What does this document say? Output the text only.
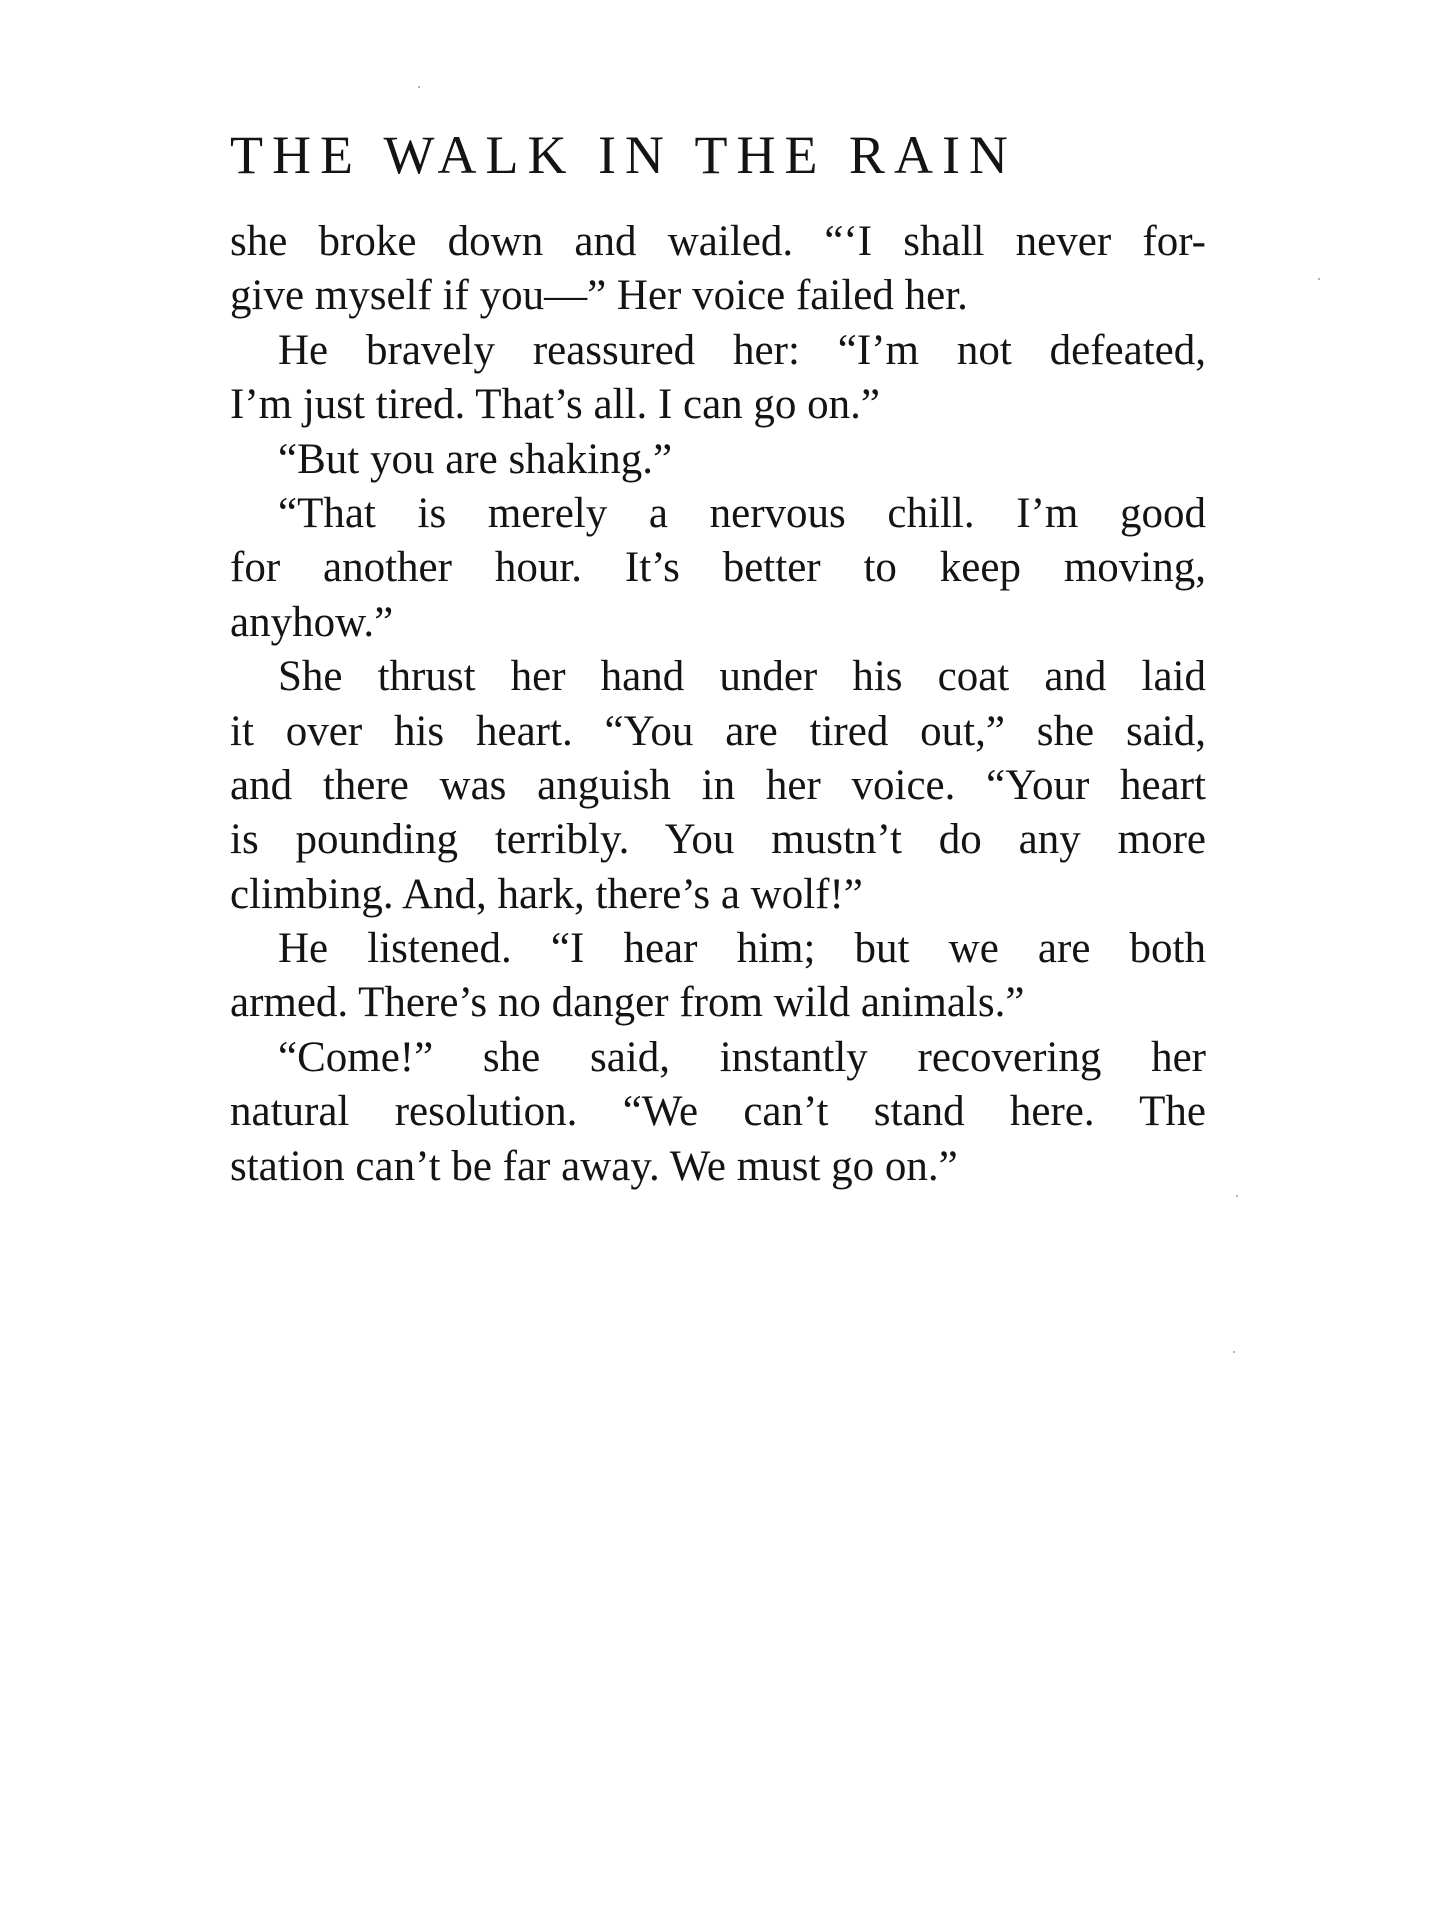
THE WALK IN THE RAIN
she broke down and wailed. “‘I shall never for-
give myself if you—” Her voice failed her.
He bravely reassured her: “I’m not defeated,
I’m just tired. That’s all. I can go on.”
“But you are shaking.”
“That is merely a nervous chill. I’m good
for another hour. It’s better to keep moving,
anyhow.”
She thrust her hand under his coat and laid
it over his heart. “You are tired out,” she said,
and there was anguish in her voice. “Your heart
is pounding terribly. You mustn’t do any more
climbing. And, hark, there’s a wolf!”
He listened. “I hear him; but we are both
armed. There’s no danger from wild animals.”
“Come!” she said, instantly recovering her
natural resolution. “We can’t stand here. The
station can’t be far away. We must go on.”
